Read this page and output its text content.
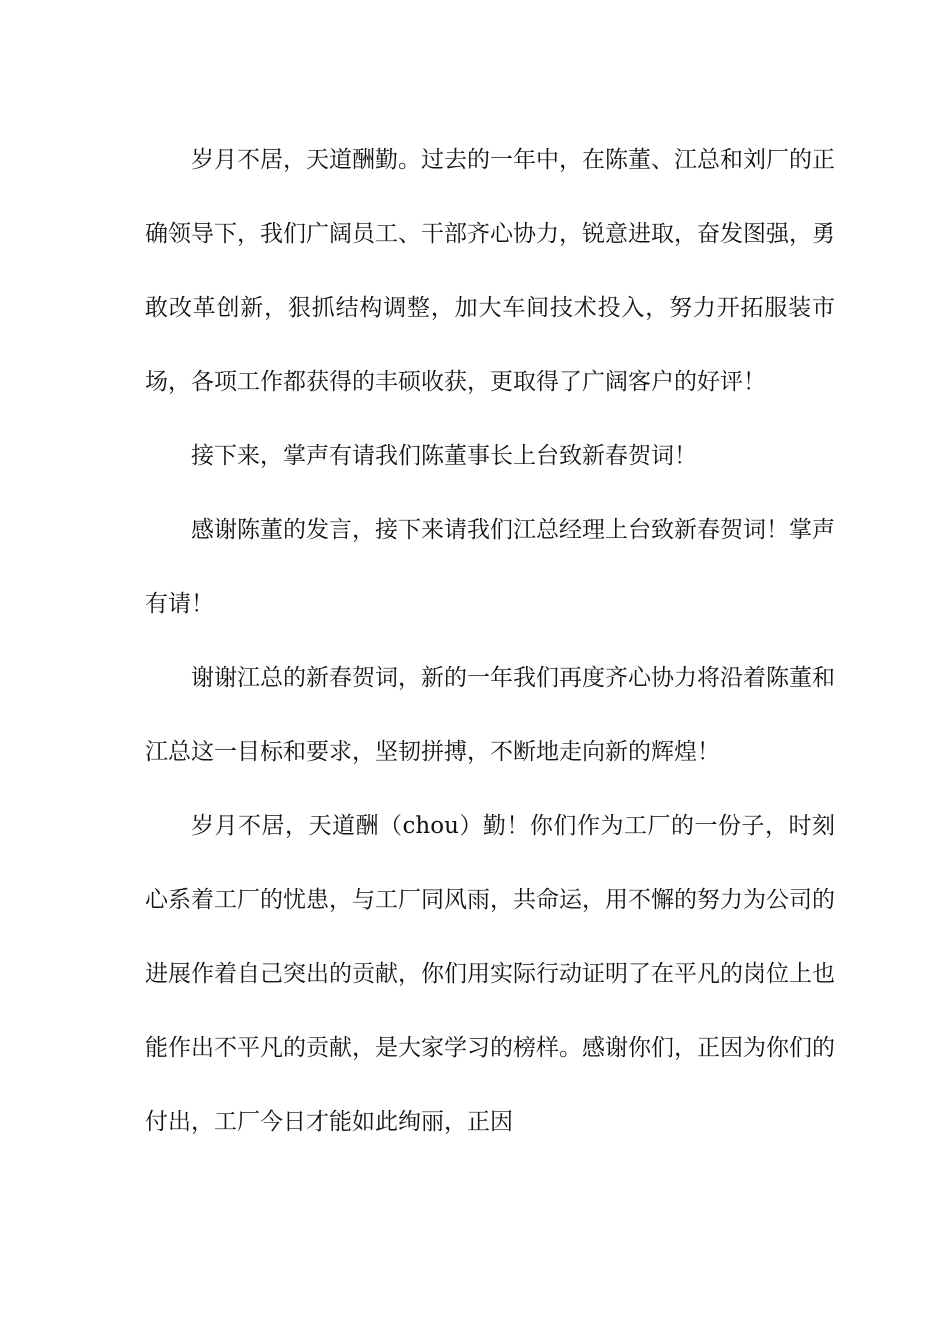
岁月不居，天道酬勤。过去的一年中，在陈董、江总和刘厂的正确领导下，我们广阔员工、干部齐心协力，锐意进取，奋发图强，勇敢改革创新，狠抓结构调整，加大车间技术投入，努力开拓服装市场，各项工作都获得的丰硕收获，更取得了广阔客户的好评！

接下来，掌声有请我们陈董事长上台致新春贺词！

感谢陈董的发言，接下来请我们江总经理上台致新春贺词！掌声有请！

谢谢江总的新春贺词，新的一年我们再度齐心协力将沿着陈董和江总这一目标和要求，坚韧拼搏，不断地走向新的辉煌！

岁月不居，天道酬（chou）勤！你们作为工厂的一份子，时刻心系着工厂的忧患，与工厂同风雨，共命运，用不懈的努力为公司的进展作着自己突出的贡献，你们用实际行动证明了在平凡的岗位上也能作出不平凡的贡献，是大家学习的榜样。感谢你们，正因为你们的付出，工厂今日才能如此绚丽，正因
